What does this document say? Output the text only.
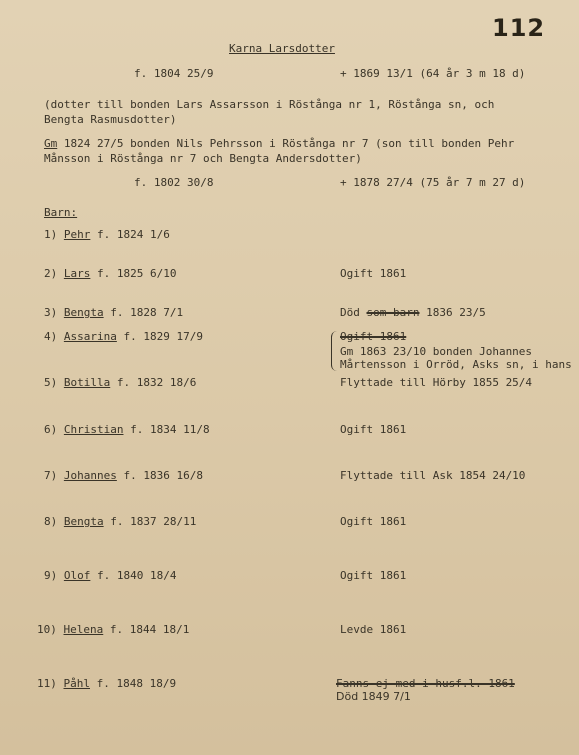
112
Karna Larsdotter
f. 1804 25/9	+ 1869 13/1 (64 år 3 m 18 d)
(dotter till bonden Lars Assarsson i Röstånga nr 1, Röstånga sn, och
Bengta Rasmusdotter)
Gm 1824 27/5 bonden Nils Pehrsson i Röstånga nr 7 (son till bonden Pehr
Månsson i Röstånga nr 7 och Bengta Andersdotter)
f. 1802 30/8	+ 1878 27/4 (75 år 7 m 27 d)
Barn:
1) Pehr f. 1824 1/6
2) Lars f. 1825 6/10	Ogift 1861
3) Bengta f. 1828 7/1	Död som barn 1836 23/5
4) Assarina f. 1829 17/9	Ogift 1861
Gm 1863 23/10 bonden Johannes
Mårtensson i Orröd, Asks sn, i hans
5) Botilla f. 1832 18/6	Flyttade till Hörby 1855 25/4
6) Christian f. 1834 11/8	Ogift 1861
7) Johannes f. 1836 16/8	Flyttade till Ask 1854 24/10
8) Bengta f. 1837 28/11	Ogift 1861
9) Olof f. 1840 18/4	Ogift 1861
10) Helena f. 1844 18/1	Levde 1861
11) Påhl f. 1848 18/9	Fanns ej med i husf.l. 1861
Död 1849 7/1
